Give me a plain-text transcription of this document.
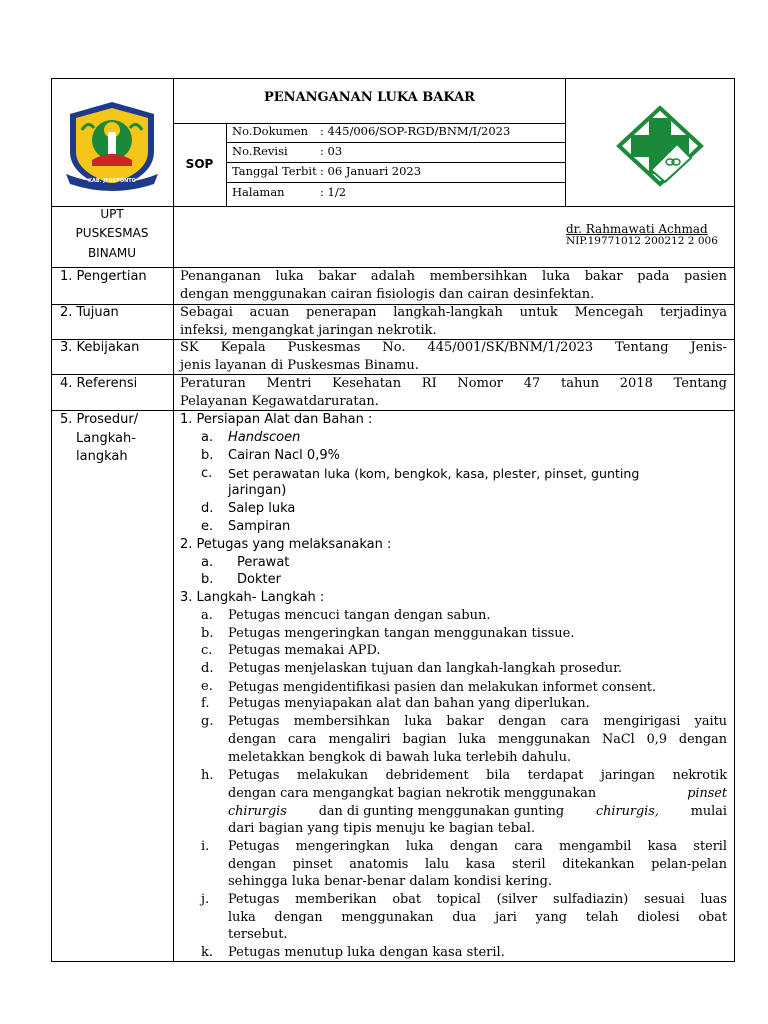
KAB. JENEPONTO
PENANGANAN LUKA BAKAR
SOP
No.Dokumen : 445/006/SOP-RGD/BNM/I/2023
No.Revisi	: 03
Tanggal Terbit : 06 Januari 2023
Halaman	: 1/2
UPT
PUSKESMAS
BINAMU
dr. Rahmawati Achmad
NIP.19771012 200212 2 006
1. Pengertian	Penanganan luka bakar adalah membersihkan luka bakar pada pasien
dengan menggunakan cairan fisiologis dan cairan desinfektan.
2. Tujuan	Sebagai acuan penerapan langkah-langkah untuk Mencegah terjadinya
infeksi, mengangkat jaringan nekrotik.
3. Kebijakan	SK Kepala Puskesmas No. 445/001/SK/BNM/1/2023 Tentang Jenis-
jenis layanan di Puskesmas Binamu.
4. Referensi	Peraturan Mentri Kesehatan RI Nomor 47 tahun 2018 Tentang
Pelayanan Kegawatdaruratan.
5. Prosedur/
Langkah-
langkah
1. Persiapan Alat dan Bahan :
a. Handscoen
b. Cairan Nacl 0,9%
c. Set perawatan luka (kom, bengkok, kasa, plester, pinset, gunting
jaringan)
d. Salep luka
e. Sampiran
2. Petugas yang melaksanakan :
a. Perawat
b. Dokter
3. Langkah- Langkah :
a. Petugas mencuci tangan dengan sabun.
b. Petugas mengeringkan tangan menggunakan tissue.
c. Petugas memakai APD.
d. Petugas menjelaskan tujuan dan langkah-langkah prosedur.
e. Petugas mengidentifikasi pasien dan melakukan informet consent.
f. Petugas menyiapakan alat dan bahan yang diperlukan.
g. Petugas membersihkan luka bakar dengan cara mengirigasi yaitu
dengan cara mengaliri bagian luka menggunakan NaCl 0,9 dengan
meletakkan bengkok di bawah luka terlebih dahulu.
h. Petugas melakukan debridement bila terdapat jaringan nekrotik
dengan cara mengangkat bagian nekrotik menggunakan	pinset
chirurgis dan di gunting menggunakan gunting chirurgis, mulai
dari bagian yang tipis menuju ke bagian tebal.
i. Petugas mengeringkan luka dengan cara mengambil kasa steril
dengan pinset anatomis lalu kasa steril ditekankan pelan-pelan
sehingga luka benar-benar dalam kondisi kering.
j. Petugas memberikan obat topical (silver sulfadiazin) sesuai luas
luka dengan menggunakan dua jari yang telah diolesi obat
tersebut.
k. Petugas menutup luka dengan kasa steril.
